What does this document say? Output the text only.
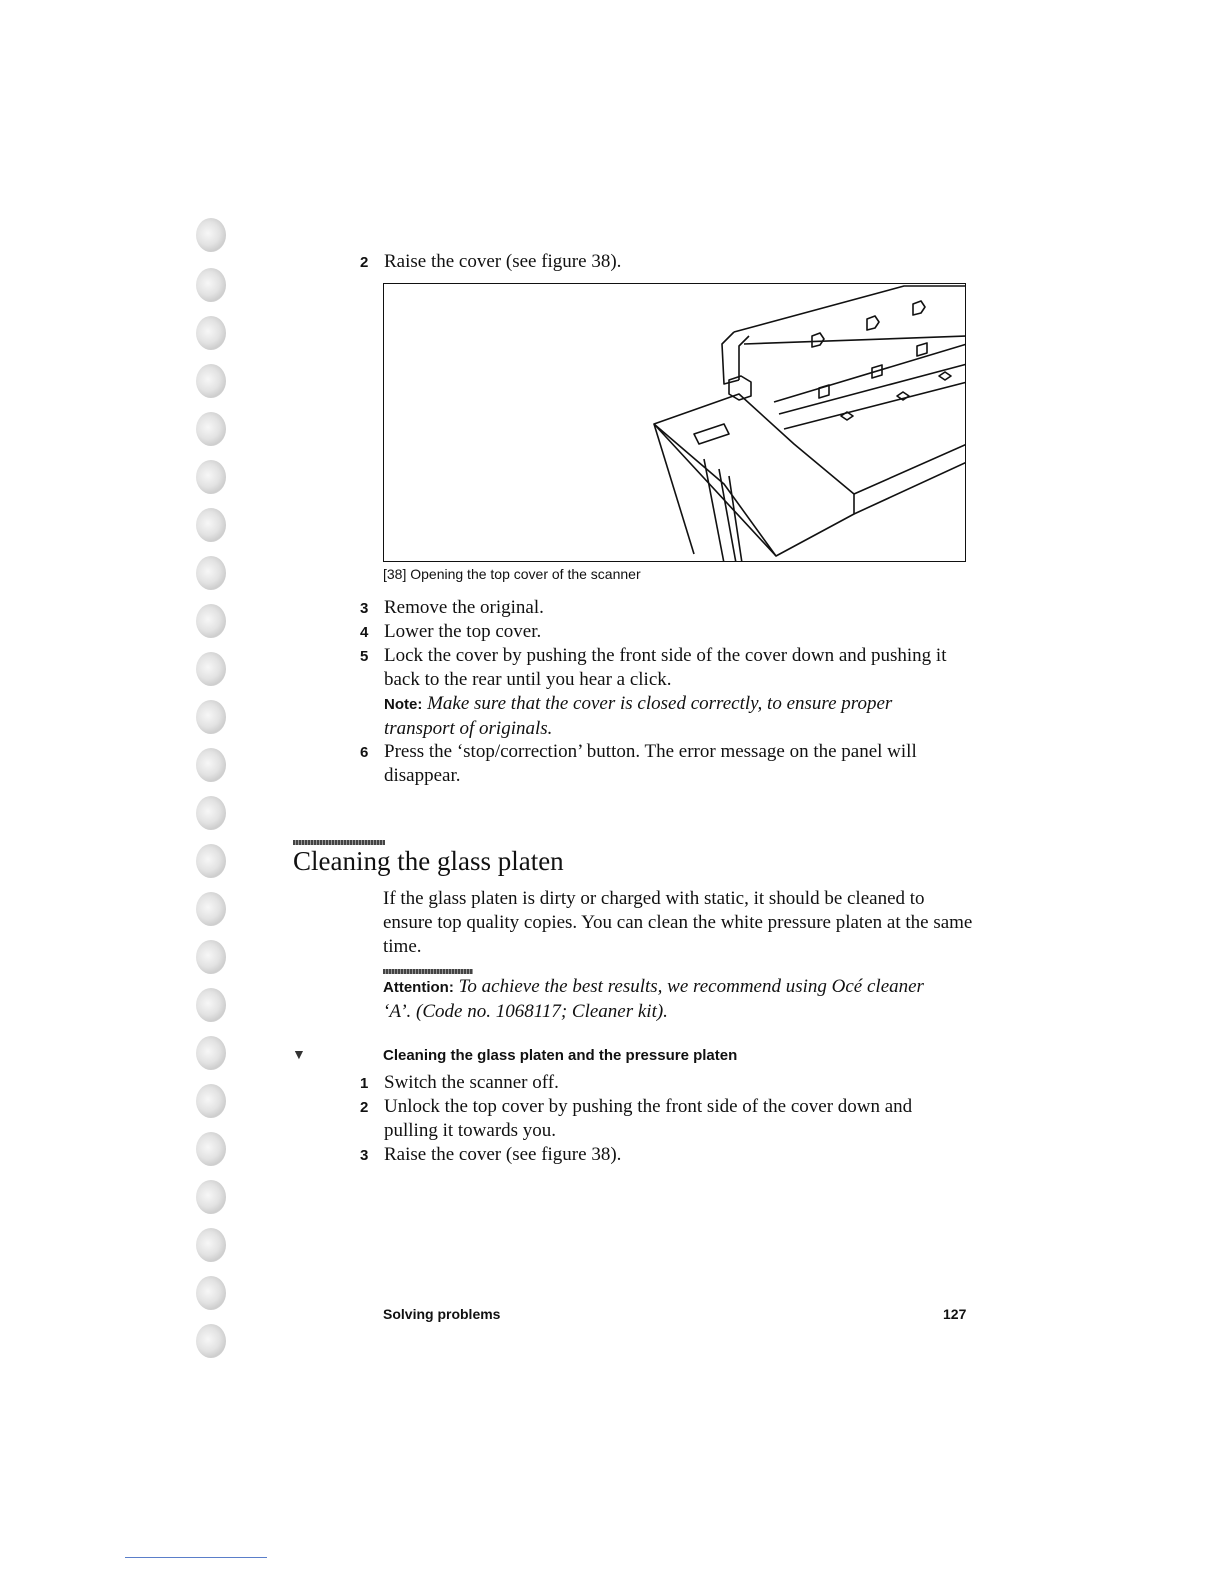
2 Raise the cover (see figure 38).
[38] Opening the top cover of the scanner
3 Remove the original.
4 Lower the top cover.
5 Lock the cover by pushing the front side of the cover down and pushing it back to the rear until you hear a click.
Note: Make sure that the cover is closed correctly, to ensure proper transport of originals.
6 Press the ‘stop/correction’ button. The error message on the panel will disappear.
Cleaning the glass platen
If the glass platen is dirty or charged with static, it should be cleaned to ensure top quality copies. You can clean the white pressure platen at the same time.
Attention: To achieve the best results, we recommend using Océ cleaner ‘A’. (Code no. 1068117; Cleaner kit).
▼	Cleaning the glass platen and the pressure platen
1 Switch the scanner off.
2 Unlock the top cover by pushing the front side of the cover down and pulling it towards you.
3 Raise the cover (see figure 38).
Solving problems	127
